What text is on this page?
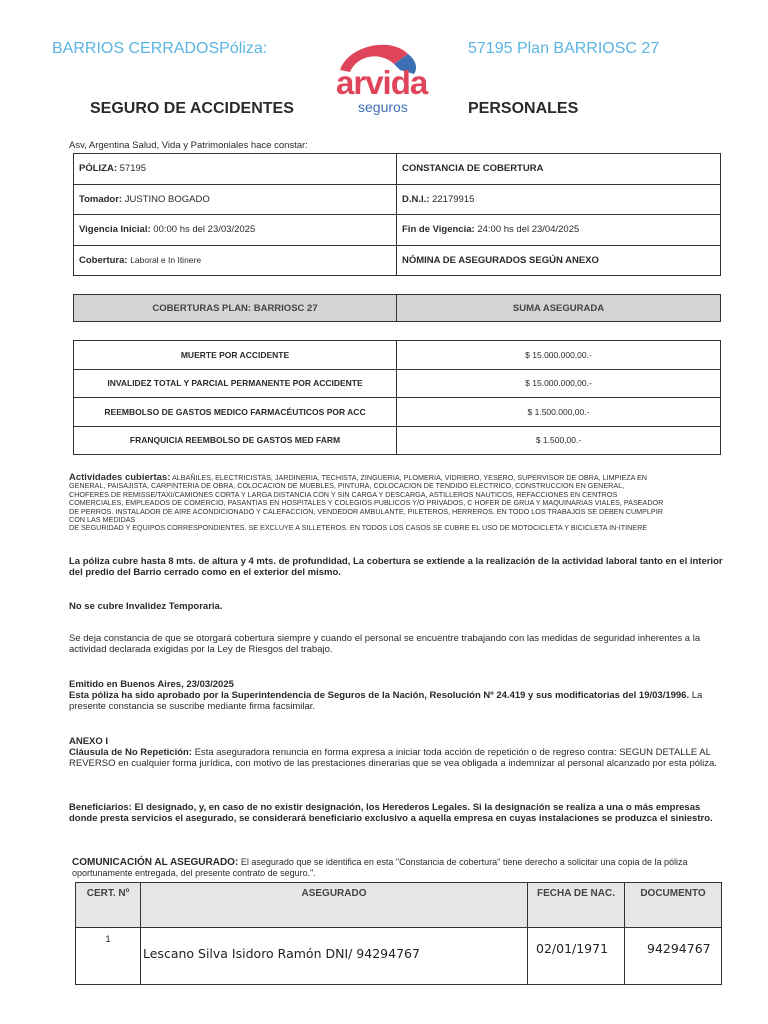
BARRIOS CERRADOSPóliza:	57195 Plan BARRIOSC 27
arvida
seguros
SEGURO DE ACCIDENTES	PERSONALES
Asv, Argentina Salud, Vida y Patrimoniales hace constar:
PÓLIZA: 57195	CONSTANCIA DE COBERTURA
Tomador: JUSTINO BOGADO	D.N.I.: 22179915
Vigencia Inicial: 00:00 hs del 23/03/2025	Fin de Vigencia: 24:00 hs del 23/04/2025
Cobertura: Laboral e In Itinere	NÓMINA DE ASEGURADOS SEGÚN ANEXO
COBERTURAS PLAN: BARRIOSC 27	SUMA ASEGURADA
MUERTE POR ACCIDENTE	$ 15.000.000,00.-
INVALIDEZ TOTAL Y PARCIAL PERMANENTE POR ACCIDENTE	$ 15.000.000,00.-
REEMBOLSO DE GASTOS MEDICO FARMACÉUTICOS POR ACC	$ 1.500.000,00.-
FRANQUICIA REEMBOLSO DE GASTOS MED FARM	$ 1.500,00.-
Actividades cubiertas: ALBAÑILES, ELECTRICISTAS, JARDINERIA, TECHISTA, ZINGUERIA, PLOMERIA, VIDRIERO, YESERO, SUPERVISOR DE OBRA, LIMPIEZA EN
GENERAL, PAISAJISTA, CARPINTERIA DE OBRA, COLOCACION DE MUEBLES, PINTURA, COLOCACION DE TENDIDO ELECTRICO, CONSTRUCCION EN GENERAL,
CHOFERES DE REMISSE/TAXI/CAMIONES CORTA Y LARGA DISTANCIA CON Y SIN CARGA Y DESCARGA, ASTILLEROS NAUTICOS, REFACCIONES EN CENTROS
COMERCIALES, EMPLEADOS DE COMERCIO, PASANTIAS EN HOSPITALES Y COLEGIOS PUBLICOS Y/O PRIVADOS, C HOFER DE GRUA Y MAQUINARIAS VIALES, PASEADOR
DE PERROS. INSTALADOR DE AIRE ACONDICIONADO Y CALEFACCION, VENDEDOR AMBULANTE, PILETEROS, HERREROS. EN TODO LOS TRABAJOS SE DEBEN CUMPLPIR
CON LAS MEDIDAS
DE SEGURIDAD Y EQUIPOS CORRESPONDIENTES. SE EXCLUYE A SILLETEROS. EN TODOS LOS CASOS SE CUBRE EL USO DE MOTOCICLETA Y BICICLETA IN-ITINERE
La póliza cubre hasta 8 mts. de altura y 4 mts. de profundidad, La cobertura se extiende a la realización de la actividad laboral tanto en el interior del predio del Barrio cerrado como en el exterior del mismo.
No se cubre Invalidez Temporaria.
Se deja constancia de que se otorgará cobertura siempre y cuando el personal se encuentre trabajando con las medidas de seguridad inherentes a la actividad declarada exigidas por la Ley de Riesgos del trabajo.
Emitido en Buenos Aires, 23/03/2025
Esta póliza ha sido aprobado por la Superintendencia de Seguros de la Nación, Resolución Nº 24.419 y sus modificatorias del 19/03/1996. La presente constancia se suscribe mediante firma facsimilar.
ANEXO I
Cláusula de No Repetición: Esta aseguradora renuncia en forma expresa a iniciar toda acción de repetición o de regreso contra: SEGUN DETALLE AL REVERSO en cualquier forma jurídica, con motivo de las prestaciones dinerarias que se vea obligada a indemnizar al personal alcanzado por esta póliza.
Beneficiarios: El designado, y, en caso de no existir designación, los Herederos Legales. Si la designación se realiza a una o más empresas donde presta servicios el asegurado, se considerará beneficiario exclusivo a aquella empresa en cuyas instalaciones se produzca el siniestro.
COMUNICACIÓN AL ASEGURADO: El asegurado que se identifica en esta "Constancia de cobertura" tiene derecho a solicitar una copia de la póliza oportunamente entregada, del presente contrato de seguro.".
CERT. Nº	ASEGURADO	FECHA DE NAC.	DOCUMENTO
1	Lescano Silva Isidoro Ramón DNI/ 94294767	02/01/1971	94294767
